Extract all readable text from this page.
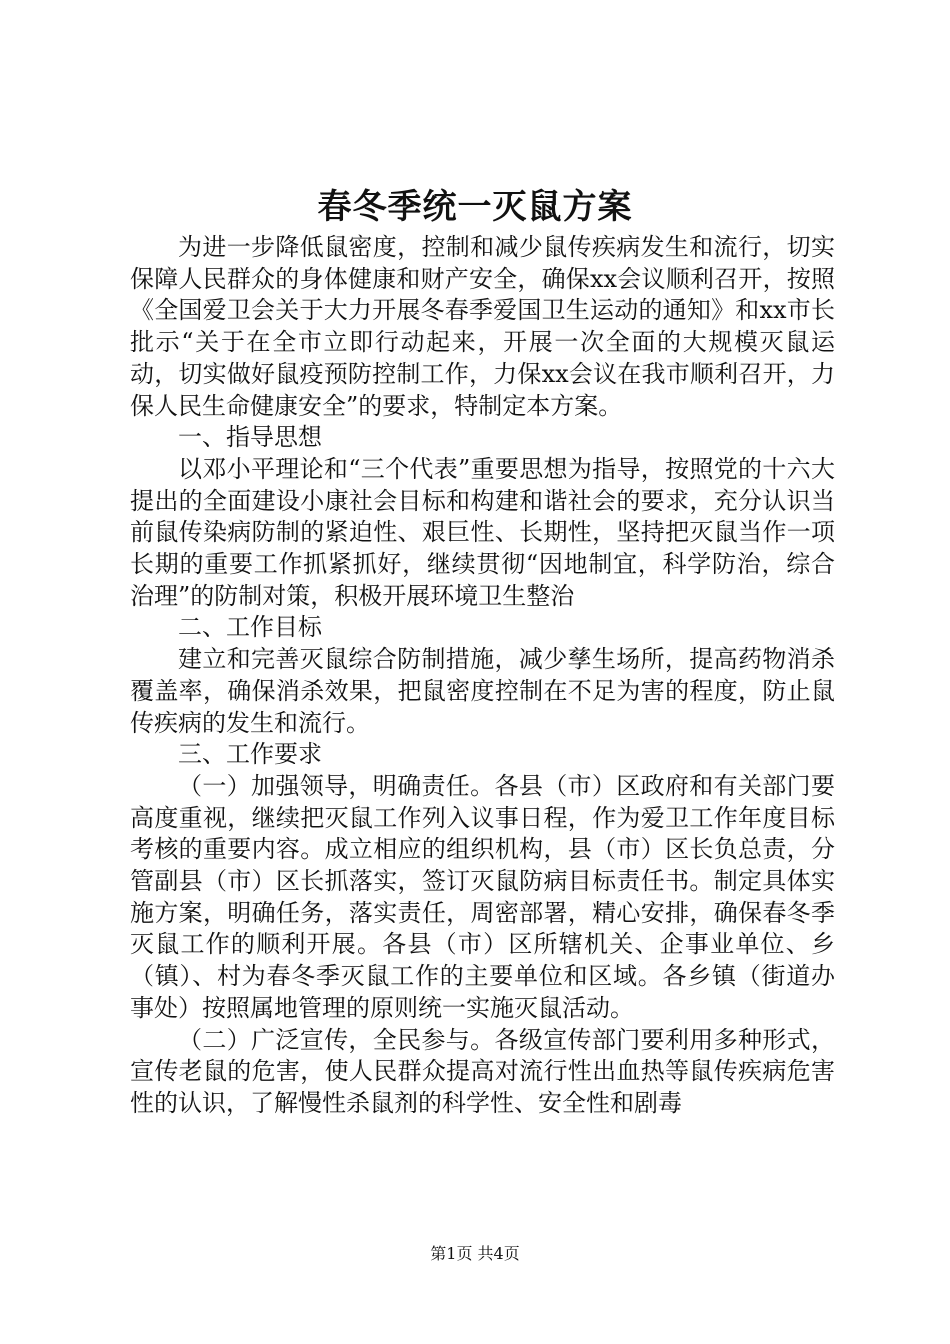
春冬季统一灭鼠方案

为进一步降低鼠密度，控制和减少鼠传疾病发生和流行，切实保障人民群众的身体健康和财产安全，确保xx会议顺利召开，按照《全国爱卫会关于大力开展冬春季爱国卫生运动的通知》和xx市长批示“关于在全市立即行动起来，开展一次全面的大规模灭鼠运动，切实做好鼠疫预防控制工作，力保xx会议在我市顺利召开，力保人民生命健康安全”的要求，特制定本方案。

一、指导思想

以邓小平理论和“三个代表”重要思想为指导，按照党的十六大提出的全面建设小康社会目标和构建和谐社会的要求，充分认识当前鼠传染病防制的紧迫性、艰巨性、长期性，坚持把灭鼠当作一项长期的重要工作抓紧抓好，继续贯彻“因地制宜，科学防治，综合治理”的防制对策，积极开展环境卫生整治

二、工作目标

建立和完善灭鼠综合防制措施，减少孳生场所，提高药物消杀覆盖率，确保消杀效果，把鼠密度控制在不足为害的程度，防止鼠传疾病的发生和流行。

三、工作要求

（一）加强领导，明确责任。各县（市）区政府和有关部门要高度重视，继续把灭鼠工作列入议事日程，作为爱卫工作年度目标考核的重要内容。成立相应的组织机构，县（市）区长负总责，分管副县（市）区长抓落实，签订灭鼠防病目标责任书。制定具体实施方案，明确任务，落实责任，周密部署，精心安排，确保春冬季灭鼠工作的顺利开展。各县（市）区所辖机关、企事业单位、乡（镇）、村为春冬季灭鼠工作的主要单位和区域。各乡镇（街道办事处）按照属地管理的原则统一实施灭鼠活动。

（二）广泛宣传，全民参与。各级宣传部门要利用多种形式，宣传老鼠的危害，使人民群众提高对流行性出血热等鼠传疾病危害性的认识，了解慢性杀鼠剂的科学性、安全性和剧毒

第1页 共4页
